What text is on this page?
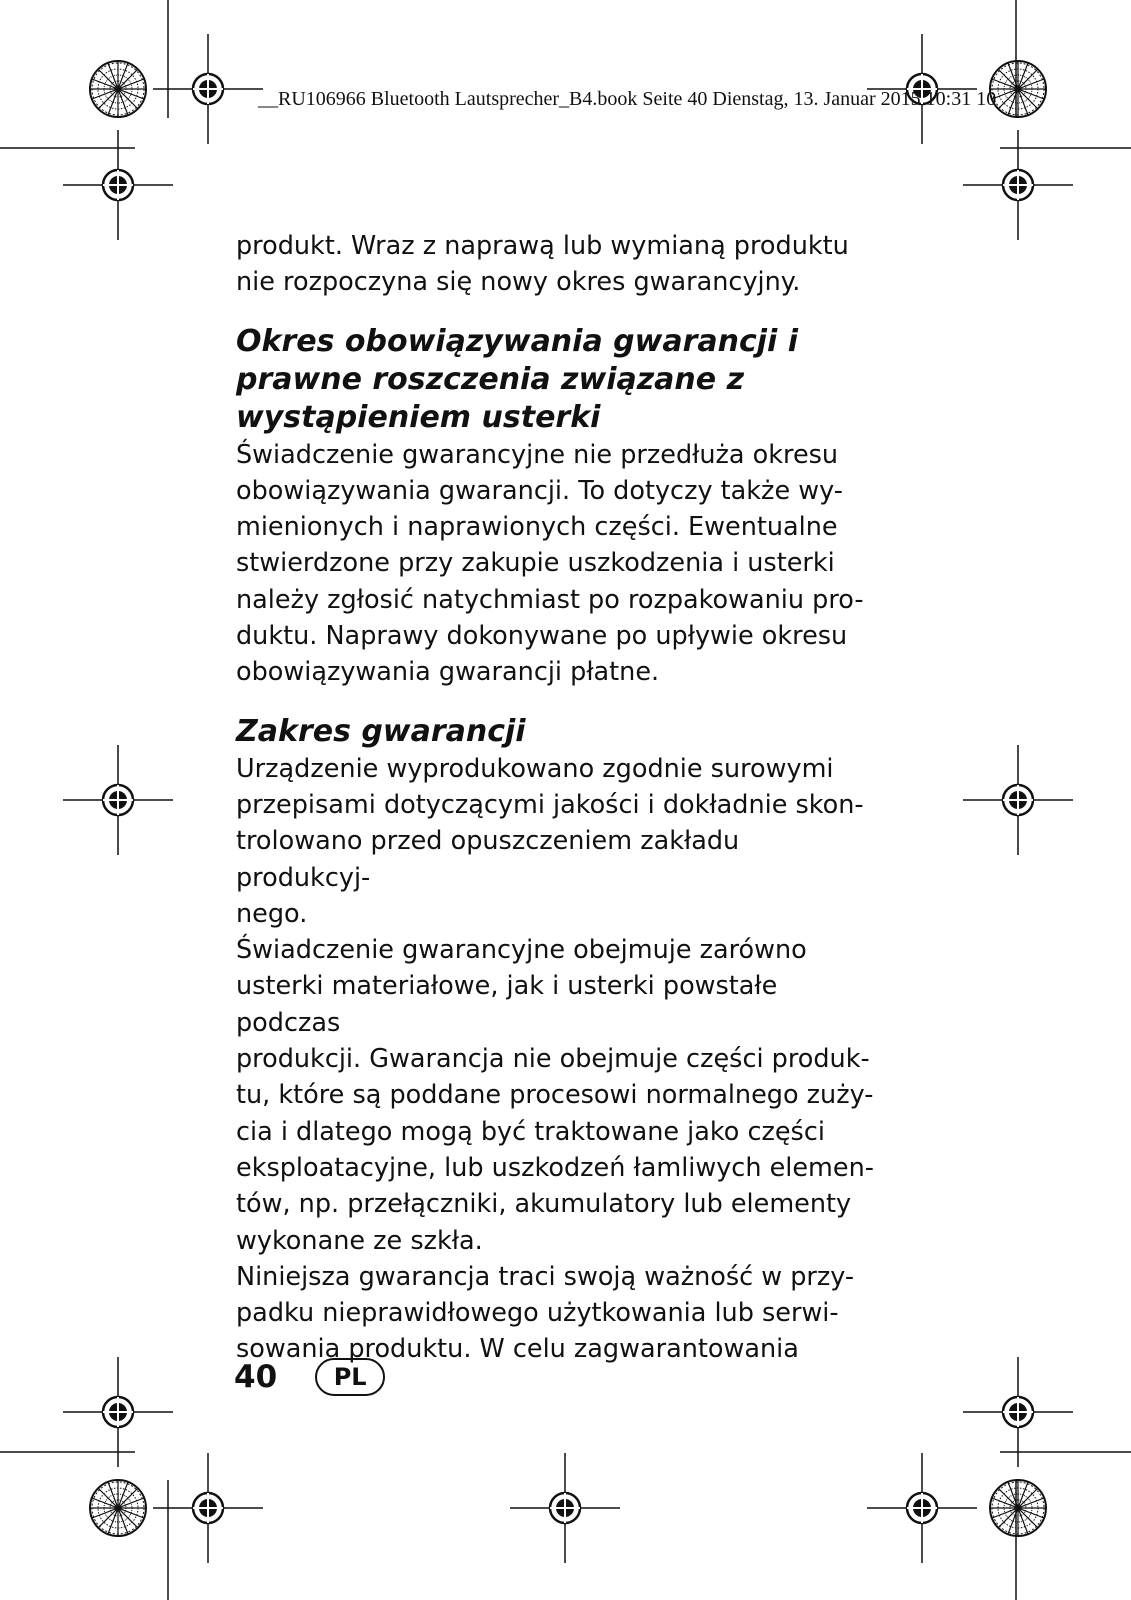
__RU106966 Bluetooth Lautsprecher_B4.book Seite 40 Dienstag, 13. Januar 2015 10:31 10

produkt. Wraz z naprawą lub wymianą produktu

nie rozpoczyna się nowy okres gwarancyjny.

Okres obowiązywania gwarancji i
prawne roszczenia związane z
wystąpieniem usterki

Świadczenie gwarancyjne nie przedłuża okresu

obowiązywania gwarancji. To dotyczy także wy-

mienionych i naprawionych części. Ewentualne

stwierdzone przy zakupie uszkodzenia i usterki

należy zgłosić natychmiast po rozpakowaniu pro-

duktu. Naprawy dokonywane po upływie okresu

obowiązywania gwarancji płatne.

Zakres gwarancji

Urządzenie wyprodukowano zgodnie surowymi

przepisami dotyczącymi jakości i dokładnie skon-

trolowano przed opuszczeniem zakładu produkcyj-

nego.

Świadczenie gwarancyjne obejmuje zarówno

usterki materiałowe, jak i usterki powstałe podczas

produkcji. Gwarancja nie obejmuje części produk-

tu, które są poddane procesowi normalnego zuży-

cia i dlatego mogą być traktowane jako części

eksploatacyjne, lub uszkodzeń łamliwych elemen-

tów, np. przełączniki, akumulatory lub elementy

wykonane ze szkła.

Niniejsza gwarancja traci swoją ważność w przy-

padku nieprawidłowego użytkowania lub serwi-

sowania produktu. W celu zagwarantowania

40	PL
